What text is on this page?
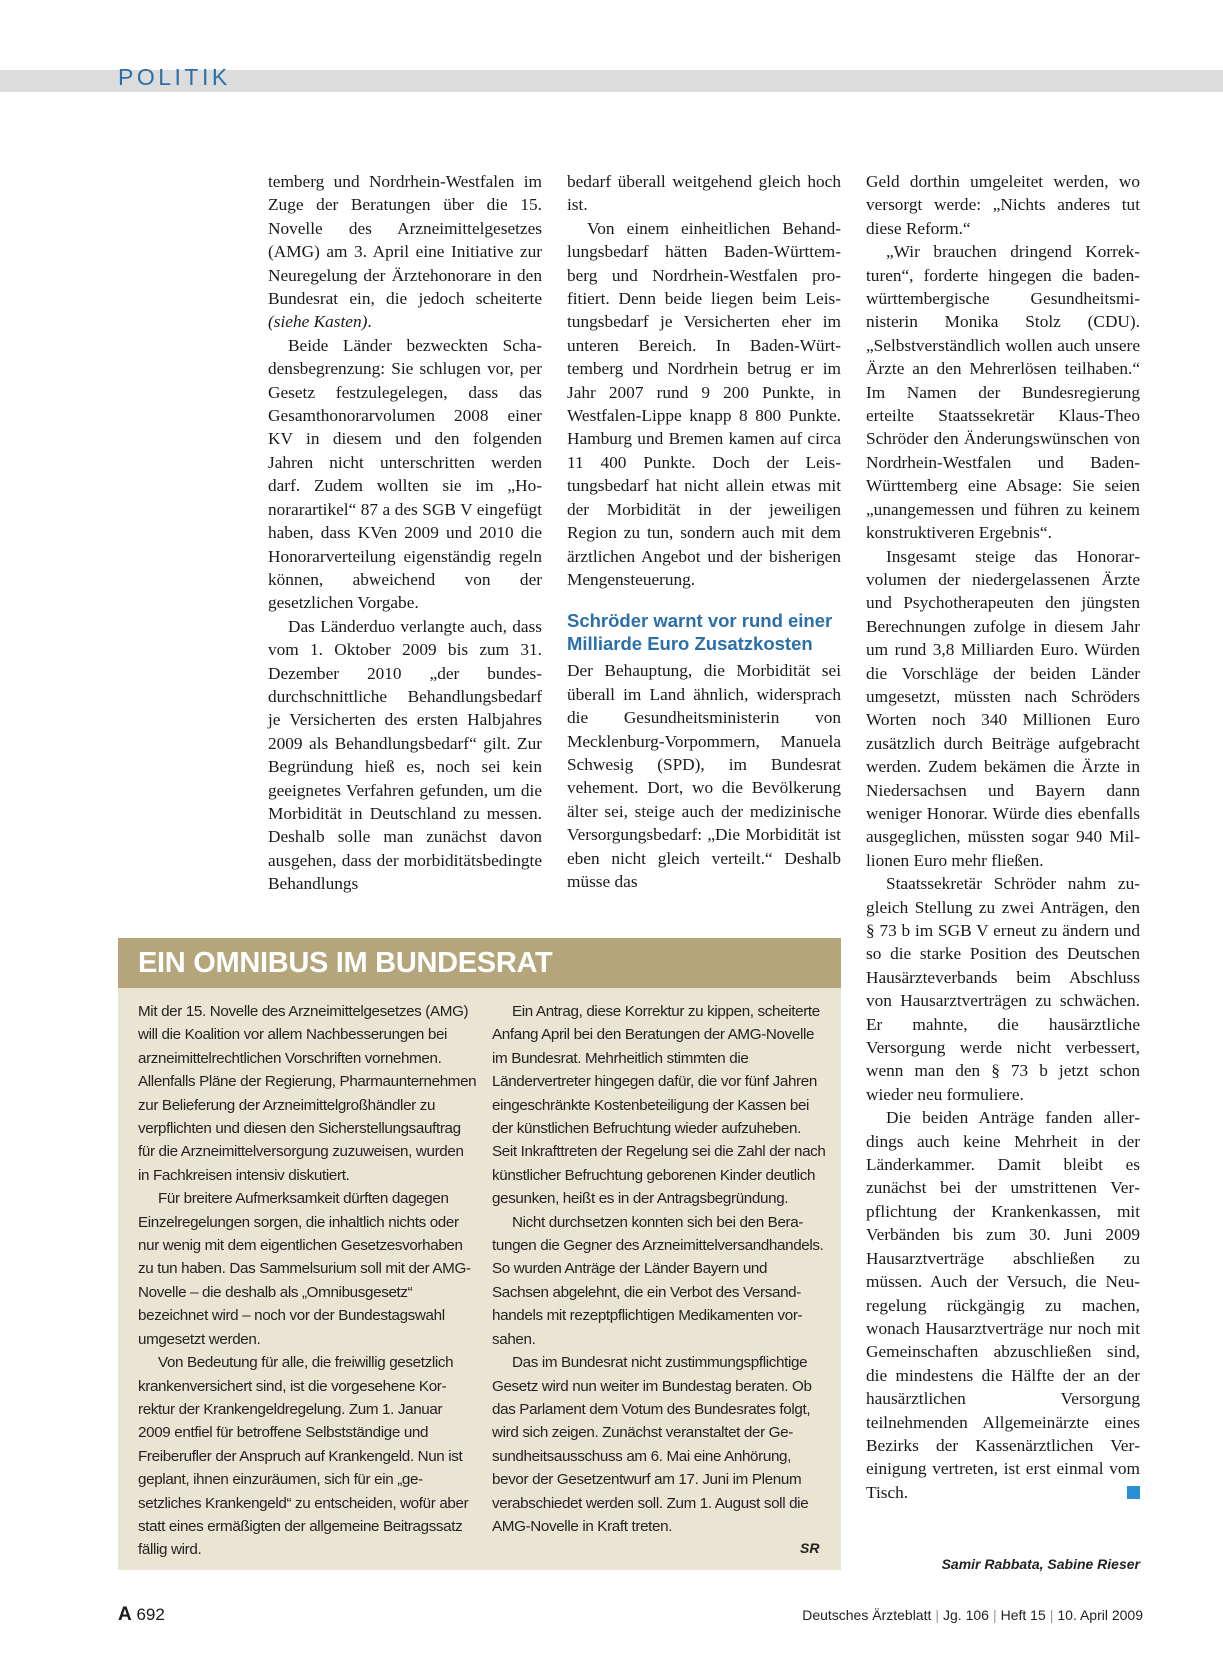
POLITIK

temberg und Nordrhein-Westfalen im Zuge der Beratungen über die 15. Novelle des Arzneimittelgesetzes (AMG) am 3. April eine Initiative zur Neuregelung der Ärztehonorare in den Bundesrat ein, die jedoch scheiterte (siehe Kasten).

Beide Länder bezweckten Schadensbegrenzung: Sie schlugen vor, per Gesetz festzulegelegen, dass das Gesamthonorarvolumen 2008 einer KV in diesem und den folgenden Jahren nicht unterschritten werden darf. Zudem wollten sie im „Honorarartikel“ 87 a des SGB V eingefügt haben, dass KVen 2009 und 2010 die Honorarverteilung eigenständig regeln können, abweichend von der gesetzlichen Vorgabe.

Das Länderduo verlangte auch, dass vom 1. Oktober 2009 bis zum 31. Dezember 2010 „der bundesdurchschnittliche Behandlungsbedarf je Versicherten des ersten Halbjahres 2009 als Behandlungsbedarf“ gilt. Zur Begründung hieß es, noch sei kein geeignetes Verfahren gefunden, um die Morbidität in Deutschland zu messen. Deshalb solle man zunächst davon ausgehen, dass der morbiditätsbedingte Behandlungs

bedarf überall weitgehend gleich hoch ist.

Von einem einheitlichen Behandlungsbedarf hätten Baden-Württemberg und Nordrhein-Westfalen profitiert. Denn beide liegen beim Leistungsbedarf je Versicherten eher im unteren Bereich. In Baden-Württemberg und Nordrhein betrug er im Jahr 2007 rund 9 200 Punkte, in Westfalen-Lippe knapp 8 800 Punkte. Hamburg und Bremen kamen auf circa 11 400 Punkte. Doch der Leistungsbedarf hat nicht allein etwas mit der Morbidität in der jeweiligen Region zu tun, sondern auch mit dem ärztlichen Angebot und der bisherigen Mengensteuerung.

Schröder warnt vor rund einer Milliarde Euro Zusatzkosten

Der Behauptung, die Morbidität sei überall im Land ähnlich, widersprach die Gesundheitsministerin von Mecklenburg-Vorpommern, Manuela Schwesig (SPD), im Bundesrat vehement. Dort, wo die Bevölkerung älter sei, steige auch der medizinische Versorgungsbedarf: „Die Morbidität ist eben nicht gleich verteilt.“ Deshalb müsse das

Geld dorthin umgeleitet werden, wo versorgt werde: „Nichts anderes tut diese Reform.“

„Wir brauchen dringend Korrekturen“, forderte hingegen die baden-württembergische Gesundheitsministerin Monika Stolz (CDU). „Selbstverständlich wollen auch unsere Ärzte an den Mehrerlösen teilhaben.“ Im Namen der Bundesregierung erteilte Staatssekretär Klaus-Theo Schröder den Änderungswünschen von Nordrhein-Westfalen und Baden-Württemberg eine Absage: Sie seien „unangemessen und führen zu keinem konstruktiveren Ergebnis“.

Insgesamt steige das Honorarvolumen der niedergelassenen Ärzte und Psychotherapeuten den jüngsten Berechnungen zufolge in diesem Jahr um rund 3,8 Milliarden Euro. Würden die Vorschläge der beiden Länder umgesetzt, müssten nach Schröders Worten noch 340 Millionen Euro zusätzlich durch Beiträge aufgebracht werden. Zudem bekämen die Ärzte in Niedersachsen und Bayern dann weniger Honorar. Würde dies ebenfalls ausgeglichen, müssten sogar 940 Millionen Euro mehr fließen.

Staatssekretär Schröder nahm zugleich Stellung zu zwei Anträgen, den § 73 b im SGB V erneut zu ändern und so die starke Position des Deutschen Hausärzteverbands beim Abschluss von Hausarztverträgen zu schwächen. Er mahnte, die hausärztliche Versorgung werde nicht verbessert, wenn man den § 73 b jetzt schon wieder neu formuliere.

Die beiden Anträge fanden allerdings auch keine Mehrheit in der Länderkammer. Damit bleibt es zunächst bei der umstrittenen Verpflichtung der Krankenkassen, mit Verbänden bis zum 30. Juni 2009 Hausarztverträge abschließen zu müssen. Auch der Versuch, die Neuregelung rückgängig zu machen, wonach Hausarztverträge nur noch mit Gemeinschaften abzuschließen sind, die mindestens die Hälfte der an der hausärztlichen Versorgung teilnehmenden Allgemeinärzte eines Bezirks der Kassenärztlichen Vereinigung vertreten, ist erst einmal vom Tisch.

Samir Rabbata, Sabine Rieser
EIN OMNIBUS IM BUNDESRAT

Mit der 15. Novelle des Arzneimittelgesetzes (AMG) will die Koalition vor allem Nachbesserungen bei arzneimittelrechtlichen Vorschriften vornehmen. Allenfalls Pläne der Regierung, Pharmaunternehmen zur Belieferung der Arzneimittelgroßhändler zu verpflichten und diesen den Sicherstellungsauftrag für die Arzneimittelversorgung zuzuweisen, wurden in Fachkreisen intensiv diskutiert.

Für breitere Aufmerksamkeit dürften dagegen Einzelregelungen sorgen, die inhaltlich nichts oder nur wenig mit dem eigentlichen Gesetzesvorhaben zu tun haben. Das Sammelsurium soll mit der AMG-Novelle – die deshalb als „Omnibusgesetz“ bezeichnet wird – noch vor der Bundestagswahl umgesetzt werden.

Von Bedeutung für alle, die freiwillig gesetzlich krankenversichert sind, ist die vorgesehene Korrektur der Krankengeldregelung. Zum 1. Januar 2009 entfiel für betroffene Selbstständige und Freiberufler der Anspruch auf Krankengeld. Nun ist geplant, ihnen einzuräumen, sich für ein „gesetzliches Krankengeld“ zu entscheiden, wofür aber statt eines ermäßigten der allgemeine Beitragssatz fällig wird.

Ein Antrag, diese Korrektur zu kippen, scheiterte Anfang April bei den Beratungen der AMG-Novelle im Bundesrat. Mehrheitlich stimmten die Ländervertreter hingegen dafür, die vor fünf Jahren eingeschränkte Kostenbeteiligung der Kassen bei der künstlichen Befruchtung wieder aufzuheben. Seit Inkrafttreten der Regelung sei die Zahl der nach künstlicher Befruchtung geborenen Kinder deutlich gesunken, heißt es in der Antragsbegründung.

Nicht durchsetzen konnten sich bei den Beratungen die Gegner des Arzneimittelversandhandels. So wurden Anträge der Länder Bayern und Sachsen abgelehnt, die ein Verbot des Versandhandels mit rezeptpflichtigen Medikamenten vorsahen.

Das im Bundesrat nicht zustimmungspflichtige Gesetz wird nun weiter im Bundestag beraten. Ob das Parlament dem Votum des Bundesrates folgt, wird sich zeigen. Zunächst veranstaltet der Gesundheitsausschuss am 6. Mai eine Anhörung, bevor der Gesetzentwurf am 17. Juni im Plenum verabschiedet werden soll. Zum 1. August soll die AMG-Novelle in Kraft treten.

SR
A 692	Deutsches Ärzteblatt | Jg. 106 | Heft 15 | 10. April 2009
